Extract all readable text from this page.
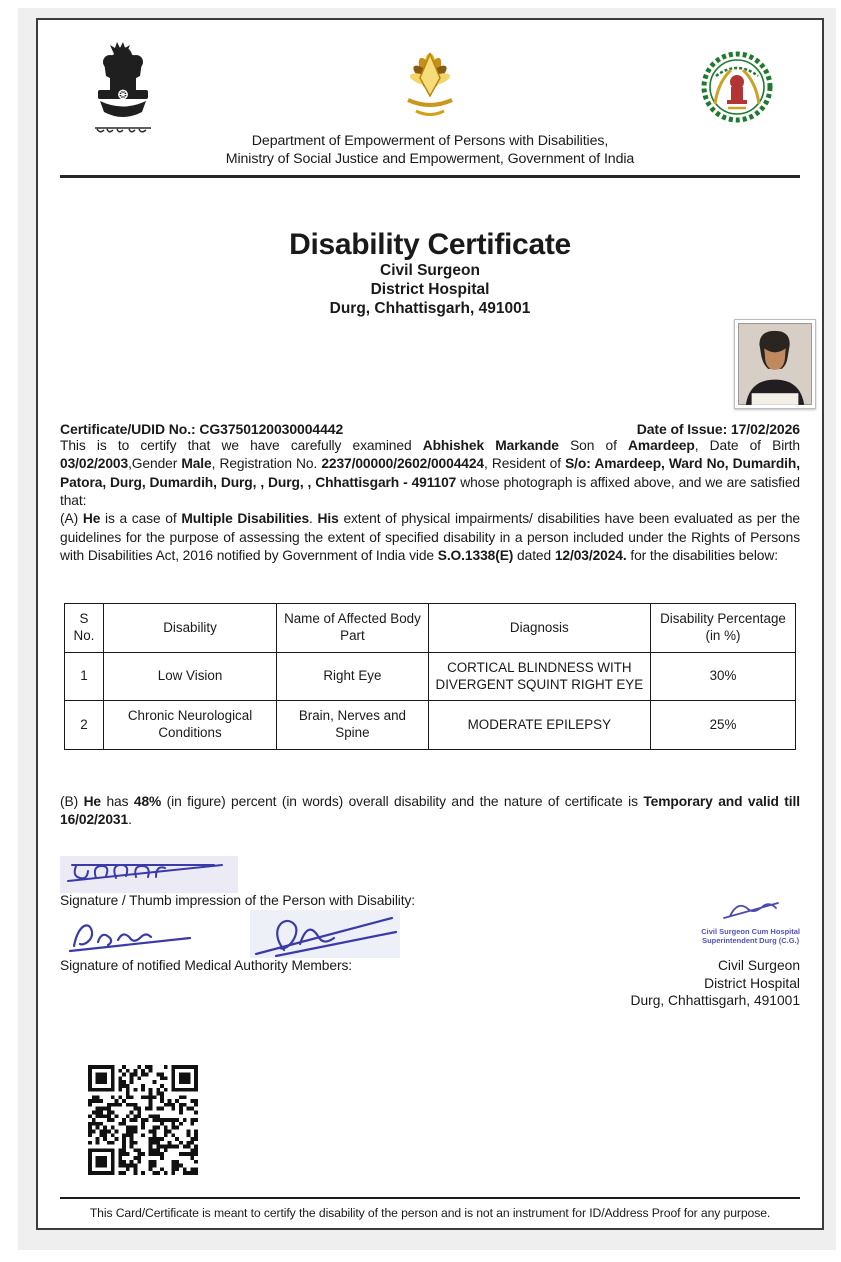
Department of Empowerment of Persons with Disabilities,
Ministry of Social Justice and Empowerment, Government of India
Disability Certificate
Civil Surgeon
District Hospital
Durg, Chhattisgarh, 491001
Certificate/UDID No.: CG3750120030004442	Date of Issue: 17/02/2026

This is to certify that we have carefully examined Abhishek Markande Son of Amardeep, Date of Birth 03/02/2003,Gender Male, Registration No. 2237/00000/2602/0004424, Resident of S/o: Amardeep, Ward No, Dumardih, Patora, Durg, Dumardih, Durg, , Durg, , Chhattisgarh - 491107 whose photograph is affixed above, and we are satisfied that:

(A) He is a case of Multiple Disabilities. His extent of physical impairments/ disabilities have been evaluated as per the guidelines for the purpose of assessing the extent of specified disability in a person included under the Rights of Persons with Disabilities Act, 2016 notified by Government of India vide S.O.1338(E) dated 12/03/2024. for the disabilities below:

S No.	Disability	Name of Affected Body Part	Diagnosis	Disability Percentage (in %)
1	Low Vision	Right Eye	CORTICAL BLINDNESS WITH DIVERGENT SQUINT RIGHT EYE	30%
2	Chronic Neurological Conditions	Brain, Nerves and Spine	MODERATE EPILEPSY	25%

(B) He has 48% (in figure) percent (in words) overall disability and the nature of certificate is Temporary and valid till 16/02/2031.

Signature / Thumb impression of the Person with Disability:
Signature of notified Medical Authority Members:
Civil Surgeon Cum Hospital
Superintendent Durg (C.G.)
Civil Surgeon
District Hospital
Durg, Chhattisgarh, 491001
This Card/Certificate is meant to certify the disability of the person and is not an instrument for ID/Address Proof for any purpose.
